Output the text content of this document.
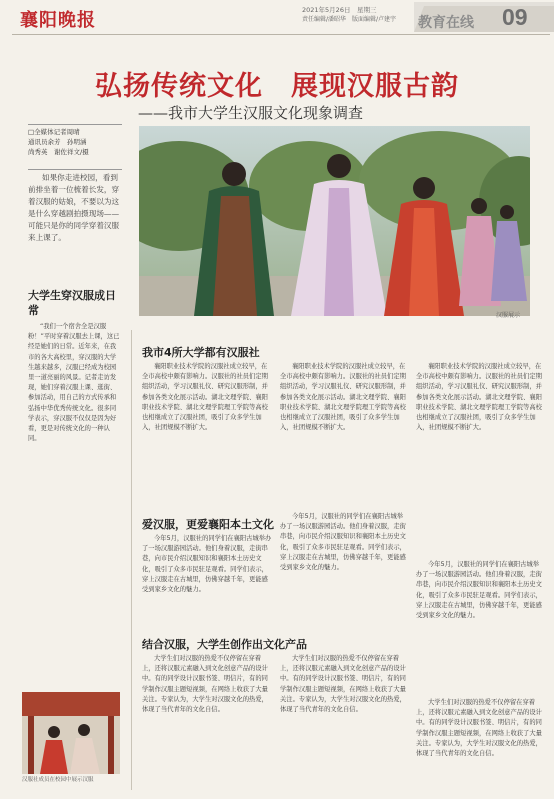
襄阳晚报	2021年5月26日　星期三
责任编辑/潘昭华　版面编辑/卢建宇	教育在线 09
弘扬传统文化　展现汉服古韵
——我市大学生汉服文化现象调查
□全媒体记者周晴
通讯员余芳　孙明涵
尚秀英　谢佐祥文/摄
如果你走进校园，看到前排坐着一位梳着长发，穿着汉服的姑娘，不要以为这是什么穿越剧拍摄现场——可能只是你的同学穿着汉服来上课了。
汉服展示
大学生穿汉服成日常
“我们一个宿舍全是汉服粉！”平时穿着汉服去上课，这已经是她们的日常。近年来，在我市的各大高校里，穿汉服的大学生越来越多，汉服已经成为校园里一道亮丽的风景。记者走访发现，她们穿着汉服上课、逛街、参加活动，用自己的方式传承和弘扬中华优秀传统文化。很多同学表示，穿汉服不仅仅是因为好看，更是对传统文化的一种认同。
我市4所大学都有汉服社
襄阳职业技术学院的汉服社成立较早，在全市高校中颇有影响力。汉服社的社员们定期组织活动，学习汉服礼仪、研究汉服形制，并参加各类文化展示活动。湖北文理学院、襄阳职业技术学院、湖北文理学院理工学院等高校也相继成立了汉服社团，吸引了众多学生加入，社团规模不断扩大。
襄阳职业技术学院的汉服社成立较早，在全市高校中颇有影响力。汉服社的社员们定期组织活动，学习汉服礼仪、研究汉服形制，并参加各类文化展示活动。湖北文理学院、襄阳职业技术学院、湖北文理学院理工学院等高校也相继成立了汉服社团，吸引了众多学生加入，社团规模不断扩大。
襄阳职业技术学院的汉服社成立较早，在全市高校中颇有影响力。汉服社的社员们定期组织活动，学习汉服礼仪、研究汉服形制，并参加各类文化展示活动。湖北文理学院、襄阳职业技术学院、湖北文理学院理工学院等高校也相继成立了汉服社团，吸引了众多学生加入，社团规模不断扩大。
爱汉服，更爱襄阳本土文化
今年5月，汉服社的同学们在襄阳古城举办了一场汉服游园活动。他们身着汉服，走街串巷，向市民介绍汉服知识和襄阳本土历史文化，吸引了众多市民驻足观看。同学们表示，穿上汉服走在古城里，仿佛穿越千年，更能感受到家乡文化的魅力。
今年5月，汉服社的同学们在襄阳古城举办了一场汉服游园活动。他们身着汉服，走街串巷，向市民介绍汉服知识和襄阳本土历史文化，吸引了众多市民驻足观看。同学们表示，穿上汉服走在古城里，仿佛穿越千年，更能感受到家乡文化的魅力。	今年5月，汉服社的同学们在襄阳古城举办了一场汉服游园活动。他们身着汉服，走街串巷，向市民介绍汉服知识和襄阳本土历史文化，吸引了众多市民驻足观看。同学们表示，穿上汉服走在古城里，仿佛穿越千年，更能感受到家乡文化的魅力。
结合汉服，大学生创作出文化产品
大学生们对汉服的热爱不仅停留在穿着上，还将汉服元素融入到文化创意产品的设计中。有的同学设计汉服书签、明信片，有的同学制作汉服主题短视频，在网络上收获了大量关注。专家认为，大学生对汉服文化的热爱，体现了当代青年的文化自信。
大学生们对汉服的热爱不仅停留在穿着上，还将汉服元素融入到文化创意产品的设计中。有的同学设计汉服书签、明信片，有的同学制作汉服主题短视频，在网络上收获了大量关注。专家认为，大学生对汉服文化的热爱，体现了当代青年的文化自信。
大学生们对汉服的热爱不仅停留在穿着上，还将汉服元素融入到文化创意产品的设计中。有的同学设计汉服书签、明信片，有的同学制作汉服主题短视频，在网络上收获了大量关注。专家认为，大学生对汉服文化的热爱，体现了当代青年的文化自信。
汉服社成员在校园中展示汉服
